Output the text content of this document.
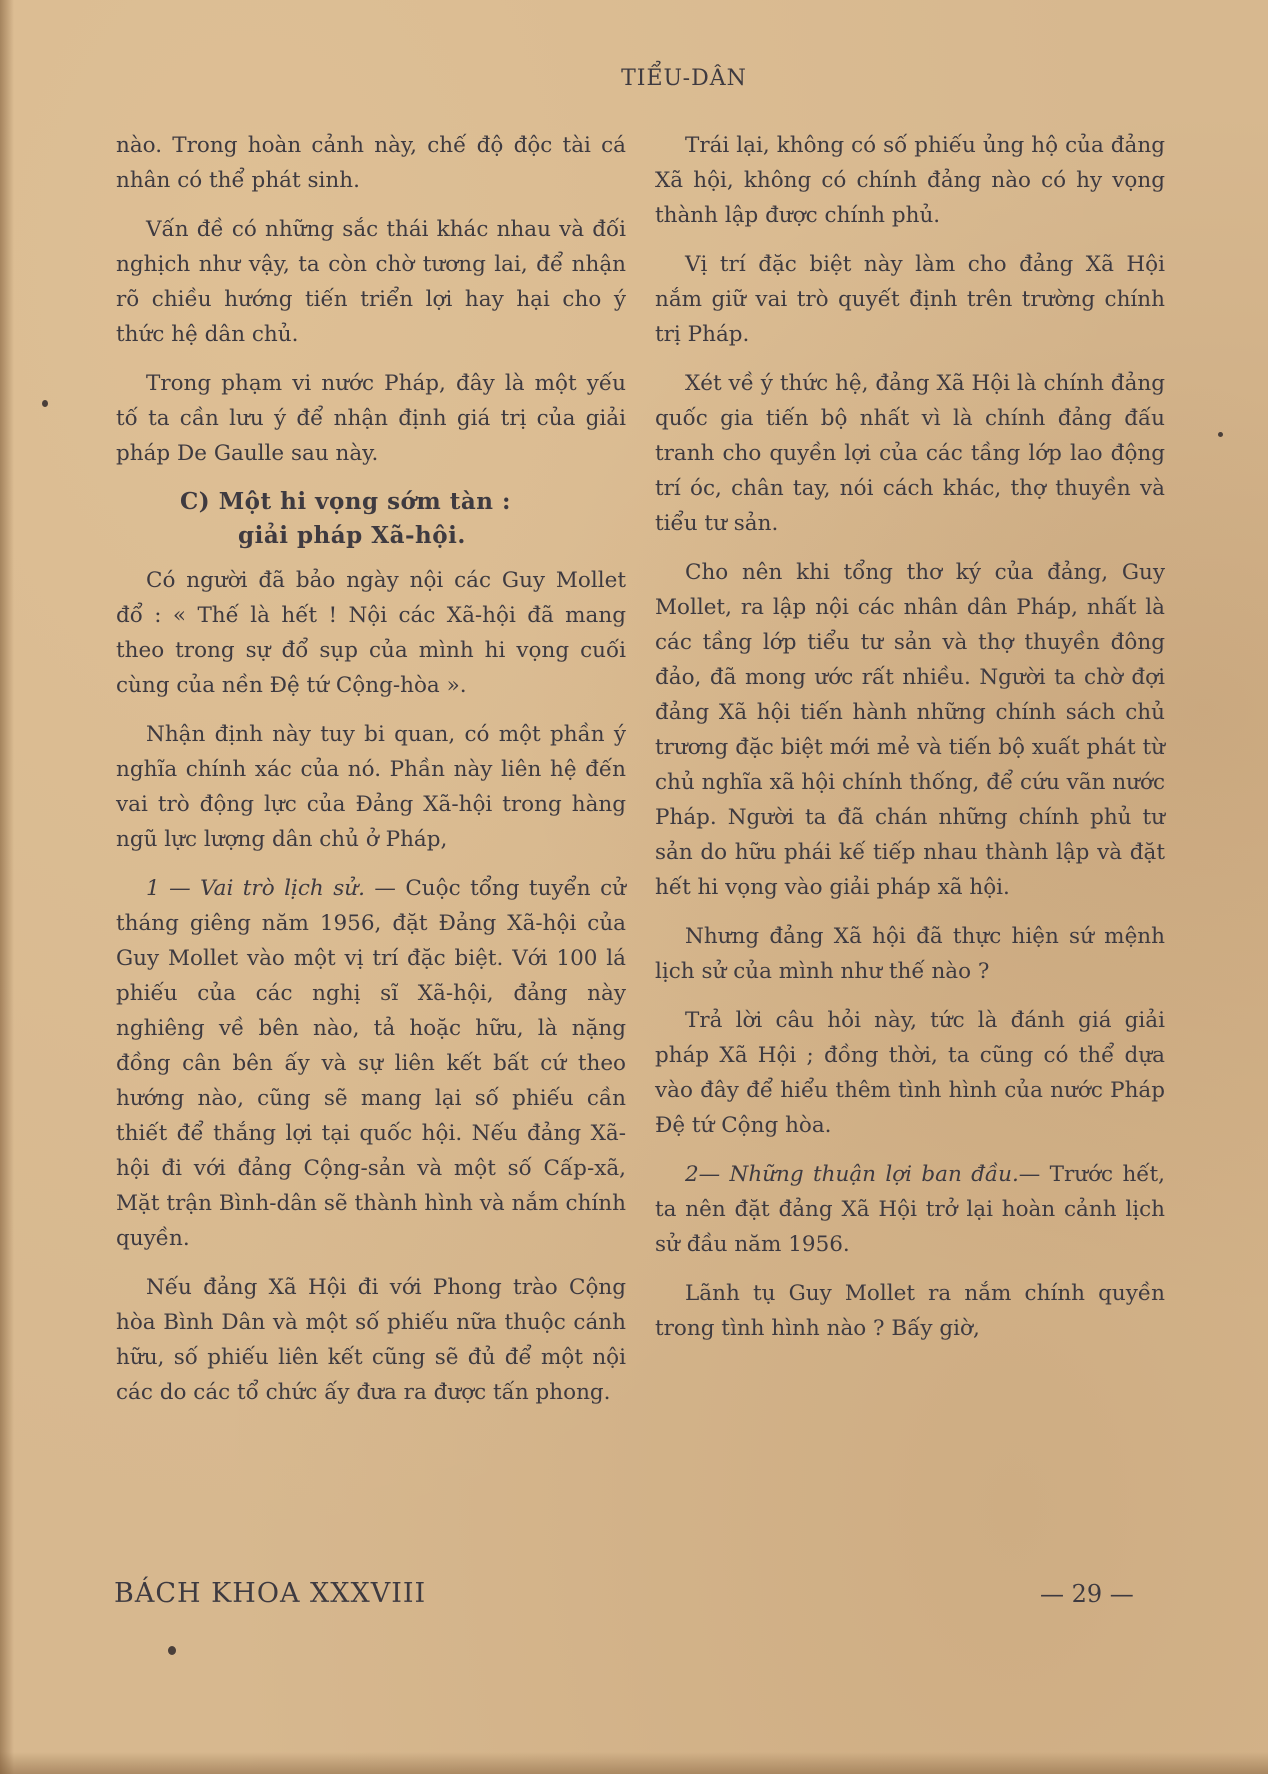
TIỂU-DÂN

nào. Trong hoàn cảnh này, chế độ độc tài cá nhân có thể phát sinh.

Vấn đề có những sắc thái khác nhau và đối nghịch như vậy, ta còn chờ tương lai, để nhận rõ chiều hướng tiến triển lợi hay hại cho ý thức hệ dân chủ.

Trong phạm vi nước Pháp, đây là một yếu tố ta cần lưu ý để nhận định giá trị của giải pháp De Gaulle sau này.

C) Một hi vọng sớm tàn :
giải pháp Xã-hội.

Có người đã bảo ngày nội các Guy Mollet đổ : « Thế là hết ! Nội các Xã-hội đã mang theo trong sự đổ sụp của mình hi vọng cuối cùng của nền Đệ tứ Cộng-hòa ».

Nhận định này tuy bi quan, có một phần ý nghĩa chính xác của nó. Phần này liên hệ đến vai trò động lực của Đảng Xã-hội trong hàng ngũ lực lượng dân chủ ở Pháp,

1 — Vai trò lịch sử. — Cuộc tổng tuyển cử tháng giêng năm 1956, đặt Đảng Xã-hội của Guy Mollet vào một vị trí đặc biệt. Với 100 lá phiếu của các nghị sĩ Xã-hội, đảng này nghiêng về bên nào, tả hoặc hữu, là nặng đồng cân bên ấy và sự liên kết bất cứ theo hướng nào, cũng sẽ mang lại số phiếu cần thiết để thắng lợi tại quốc hội. Nếu đảng Xã-hội đi với đảng Cộng-sản và một số Cấp-xã, Mặt trận Bình-dân sẽ thành hình và nắm chính quyền.

Nếu đảng Xã Hội đi với Phong trào Cộng hòa Bình Dân và một số phiếu nữa thuộc cánh hữu, số phiếu liên kết cũng sẽ đủ để một nội các do các tổ chức ấy đưa ra được tấn phong.

Trái lại, không có số phiếu ủng hộ của đảng Xã hội, không có chính đảng nào có hy vọng thành lập được chính phủ.

Vị trí đặc biệt này làm cho đảng Xã Hội nắm giữ vai trò quyết định trên trường chính trị Pháp.

Xét về ý thức hệ, đảng Xã Hội là chính đảng quốc gia tiến bộ nhất vì là chính đảng đấu tranh cho quyền lợi của các tầng lớp lao động trí óc, chân tay, nói cách khác, thợ thuyền và tiểu tư sản.

Cho nên khi tổng thơ ký của đảng, Guy Mollet, ra lập nội các nhân dân Pháp, nhất là các tầng lớp tiểu tư sản và thợ thuyền đông đảo, đã mong ước rất nhiều. Người ta chờ đợi đảng Xã hội tiến hành những chính sách chủ trương đặc biệt mới mẻ và tiến bộ xuất phát từ chủ nghĩa xã hội chính thống, để cứu vãn nước Pháp. Người ta đã chán những chính phủ tư sản do hữu phái kế tiếp nhau thành lập và đặt hết hi vọng vào giải pháp xã hội.

Nhưng đảng Xã hội đã thực hiện sứ mệnh lịch sử của mình như thế nào ?

Trả lời câu hỏi này, tức là đánh giá giải pháp Xã Hội ; đồng thời, ta cũng có thể dựa vào đây để hiểu thêm tình hình của nước Pháp Đệ tứ Cộng hòa.

2— Những thuận lợi ban đầu.— Trước hết, ta nên đặt đảng Xã Hội trở lại hoàn cảnh lịch sử đầu năm 1956.

Lãnh tụ Guy Mollet ra nắm chính quyền trong tình hình nào ? Bấy giờ,

BÁCH KHOA XXXVIII	— 29 —
